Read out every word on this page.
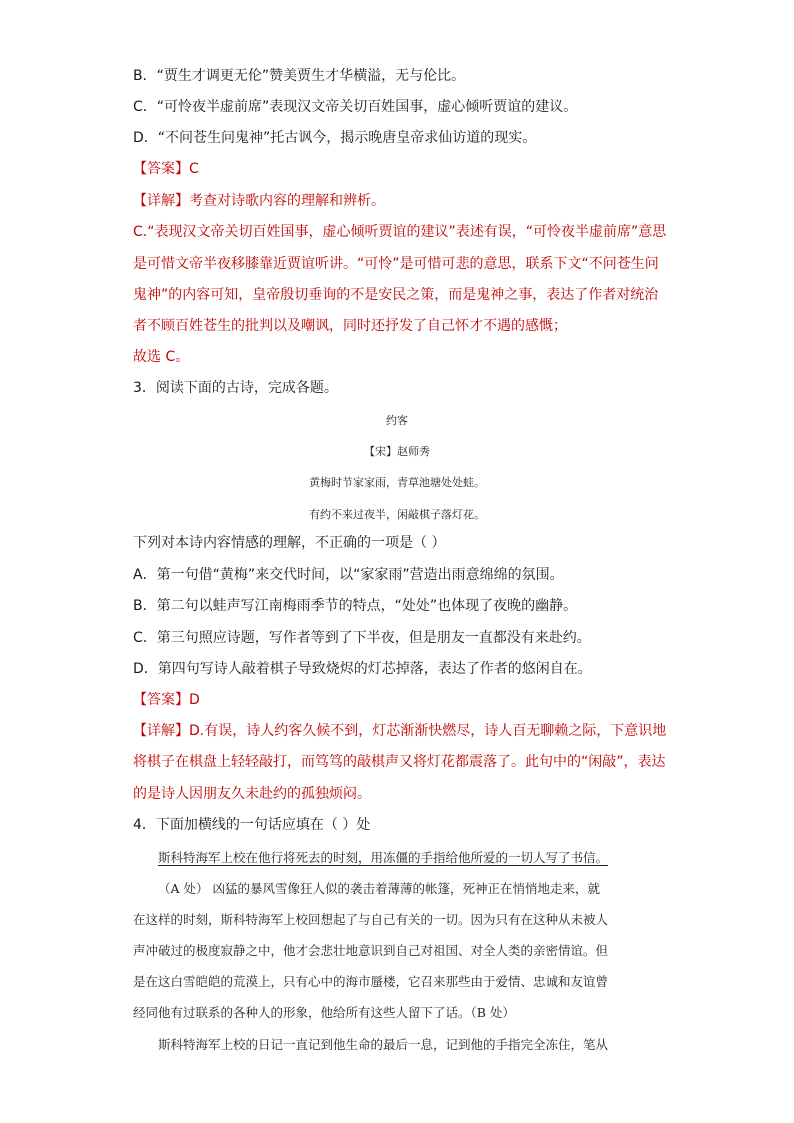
B．“贾生才调更无伦”赞美贾生才华横溢，无与伦比。
C．“可怜夜半虚前席”表现汉文帝关切百姓国事，虚心倾听贾谊的建议。
D．“不问苍生问鬼神”托古讽今，揭示晚唐皇帝求仙访道的现实。
【答案】C
【详解】考查对诗歌内容的理解和辨析。
C.“表现汉文帝关切百姓国事，虚心倾听贾谊的建议”表述有误，“可怜夜半虚前席”意思
是可惜文帝半夜移膝靠近贾谊听讲。“可怜”是可惜可悲的意思，联系下文“不问苍生问
鬼神”的内容可知，皇帝殷切垂询的不是安民之策，而是鬼神之事，表达了作者对统治
者不顾百姓苍生的批判以及嘲讽，同时还抒发了自己怀才不遇的感慨；
故选 C。
3．阅读下面的古诗，完成各题。
约客
【宋】赵师秀
黄梅时节家家雨，青草池塘处处蛙。
有约不来过夜半，闲敲棋子落灯花。
下列对本诗内容情感的理解，不正确的一项是（ ）
A．第一句借“黄梅”来交代时间，以“家家雨”营造出雨意绵绵的氛围。
B．第二句以蛙声写江南梅雨季节的特点，“处处”也体现了夜晚的幽静。
C．第三句照应诗题，写作者等到了下半夜，但是朋友一直都没有来赴约。
D．第四句写诗人敲着棋子导致烧烬的灯芯掉落，表达了作者的悠闲自在。
【答案】D
【详解】D.有误，诗人约客久候不到，灯芯渐渐快燃尽，诗人百无聊赖之际，下意识地
将棋子在棋盘上轻轻敲打，而笃笃的敲棋声又将灯花都震落了。此句中的“闲敲”，表达
的是诗人因朋友久未赴约的孤独烦闷。
4．下面加横线的一句话应填在（ ）处
斯科特海军上校在他行将死去的时刻，用冻僵的手指给他所爱的一切人写了书信。
（A 处） 凶猛的暴风雪像狂人似的袭击着薄薄的帐篷，死神正在悄悄地走来，就
在这样的时刻，斯科特海军上校回想起了与自己有关的一切。因为只有在这种从未被人
声冲破过的极度寂静之中，他才会悲壮地意识到自己对祖国、对全人类的亲密情谊。但
是在这白雪皑皑的荒漠上，只有心中的海市蜃楼，它召来那些由于爱情、忠诚和友谊曾
经同他有过联系的各种人的形象，他给所有这些人留下了话。（B 处）
斯科特海军上校的日记一直记到他生命的最后一息，记到他的手指完全冻住，笔从
